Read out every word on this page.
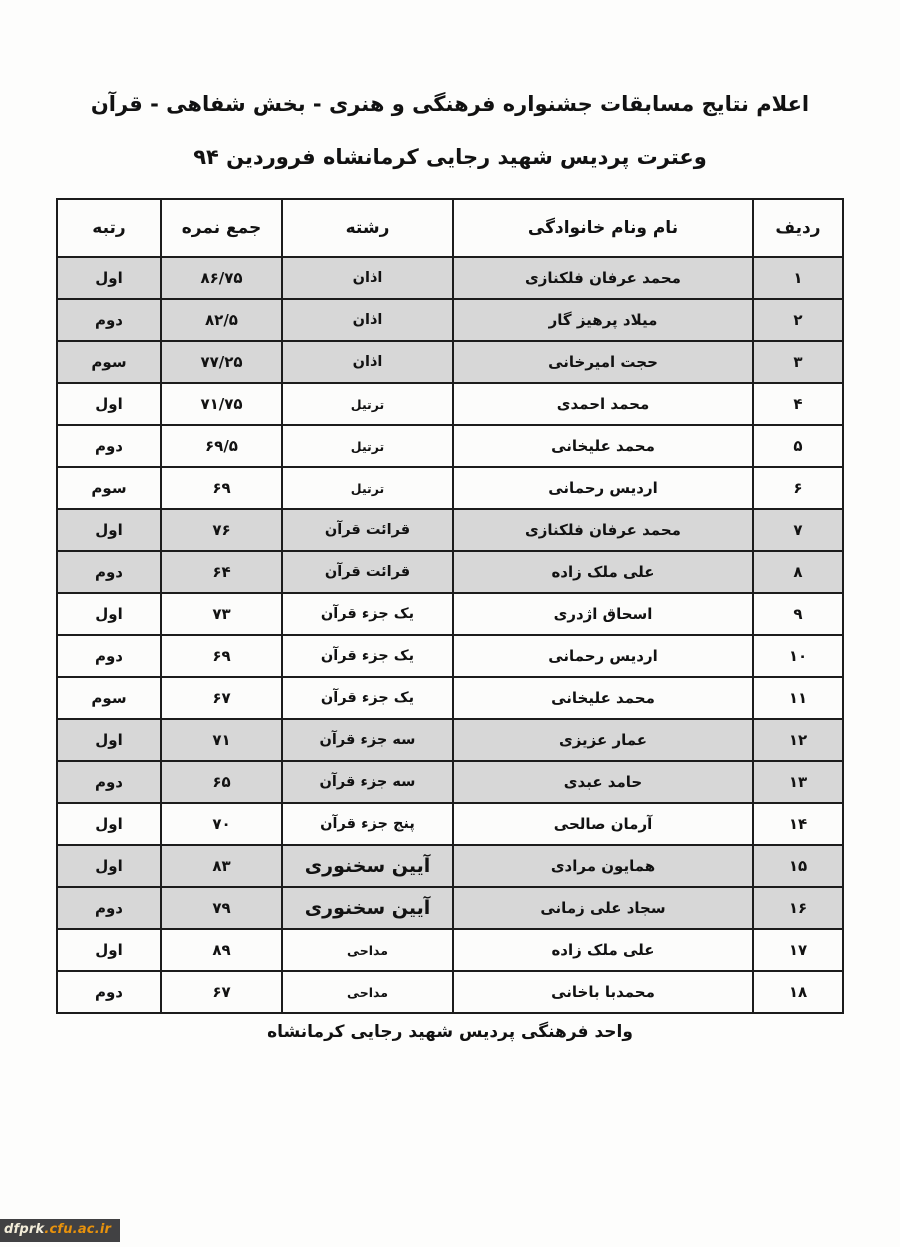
اعلام نتایج مسابقات جشنواره فرهنگی و هنری - بخش شفاهی - قرآن
وعترت پردیس شهید رجایی کرمانشاه فروردین ۹۴
ردیف	نام ونام خانوادگی	رشته	جمع نمره	رتبه
۱	محمد عرفان فلکنازی	اذان	۸۶/۷۵	اول
۲	میلاد پرهیز گار	اذان	۸۲/۵	دوم
۳	حجت امیرخانی	اذان	۷۷/۲۵	سوم
۴	محمد احمدی	ترتیل	۷۱/۷۵	اول
۵	محمد علیخانی	ترتیل	۶۹/۵	دوم
۶	اردیس رحمانی	ترتیل	۶۹	سوم
۷	محمد عرفان فلکنازی	قرائت قرآن	۷۶	اول
۸	علی ملک زاده	قرائت قرآن	۶۴	دوم
۹	اسحاق اژدری	یک جزء قرآن	۷۳	اول
۱۰	اردیس رحمانی	یک جزء قرآن	۶۹	دوم
۱۱	محمد علیخانی	یک جزء قرآن	۶۷	سوم
۱۲	عمار عزیزی	سه جزء قرآن	۷۱	اول
۱۳	حامد عبدی	سه جزء قرآن	۶۵	دوم
۱۴	آرمان صالحی	پنج جزء قرآن	۷۰	اول
۱۵	همایون مرادی	آیین سخنوری	۸۳	اول
۱۶	سجاد علی زمانی	آیین سخنوری	۷۹	دوم
۱۷	علی ملک زاده	مداحی	۸۹	اول
۱۸	محمدبا باخانی	مداحی	۶۷	دوم
واحد فرهنگی پردیس شهید رجایی کرمانشاه
dfprk.cfu.ac.ir
